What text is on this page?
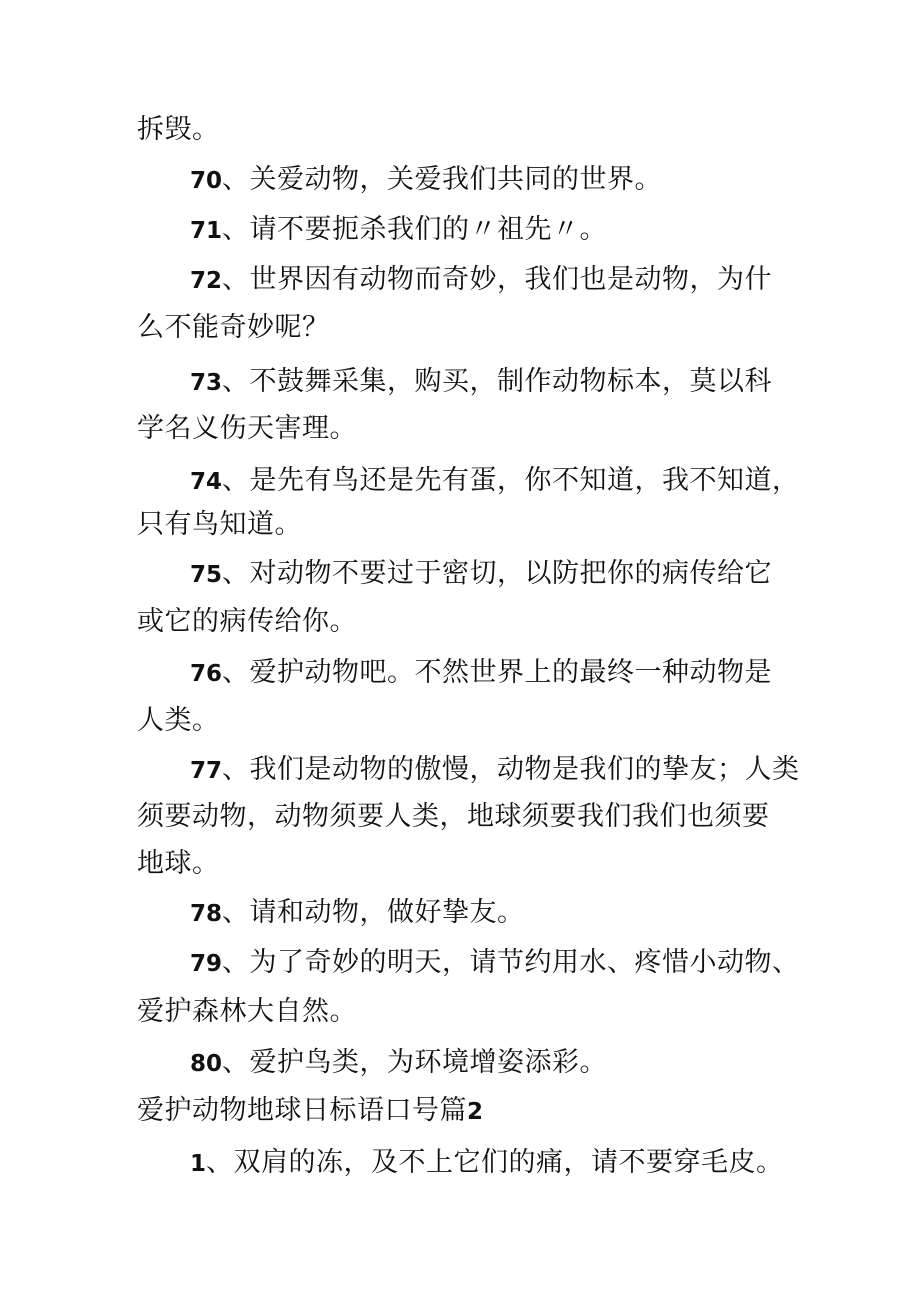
拆毁。
70、关爱动物，关爱我们共同的世界。
71、请不要扼杀我们的〃祖先〃。
72、世界因有动物而奇妙，我们也是动物，为什
么不能奇妙呢？
73、不鼓舞采集，购买，制作动物标本，莫以科
学名义伤天害理。
74、是先有鸟还是先有蛋，你不知道，我不知道，
只有鸟知道。
75、对动物不要过于密切，以防把你的病传给它
或它的病传给你。
76、爱护动物吧。不然世界上的最终一种动物是
人类。
77、我们是动物的傲慢，动物是我们的挚友；人类
须要动物，动物须要人类，地球须要我们我们也须要
地球。
78、请和动物，做好挚友。
79、为了奇妙的明天，请节约用水、疼惜小动物、
爱护森林大自然。
80、爱护鸟类，为环境增姿添彩。
爱护动物地球日标语口号篇2
1、双肩的冻，及不上它们的痛，请不要穿毛皮。
